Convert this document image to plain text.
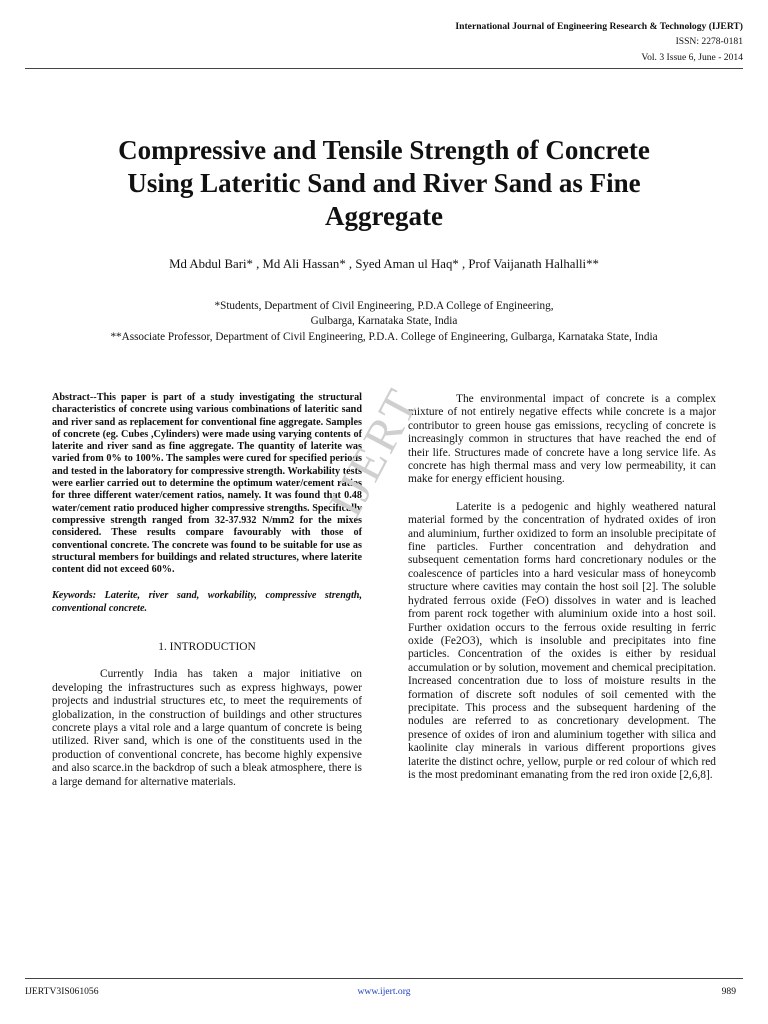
International Journal of Engineering Research & Technology (IJERT)
ISSN: 2278-0181
Vol. 3 Issue 6, June - 2014
Compressive and Tensile Strength of Concrete
Using Lateritic Sand and River Sand as Fine
Aggregate
Md Abdul Bari* , Md Ali Hassan* , Syed Aman ul Haq* , Prof Vaijanath Halhalli**
*Students, Department of Civil Engineering, P.D.A College of Engineering,
Gulbarga, Karnataka State, India
**Associate Professor, Department of Civil Engineering, P.D.A. College of Engineering, Gulbarga, Karnataka State, India

Abstract--This paper is part of a study investigating the structural characteristics of concrete using various combinations of lateritic sand and river sand as replacement for conventional fine aggregate. Samples of concrete (eg. Cubes ,Cylinders) were made using varying contents of laterite and river sand as fine aggregate. The quantity of laterite was varied from 0% to 100%. The samples were cured for specified periods and tested in the laboratory for compressive strength. Workability tests were earlier carried out to determine the optimum water/cement ratios for three different water/cement ratios, namely. It was found that 0.48 water/cement ratio produced higher compressive strengths. Specifically compressive strength ranged from 32-37.932 N/mm2 for the mixes considered. These results compare favourably with those of conventional concrete. The concrete was found to be suitable for use as structural members for buildings and related structures, where laterite content did not exceed 60%.

Keywords: Laterite, river sand, workability, compressive strength, conventional concrete.

1. INTRODUCTION

Currently India has taken a major initiative on developing the infrastructures such as express highways, power projects and industrial structures etc, to meet the requirements of globalization, in the construction of buildings and other structures concrete plays a vital role and a large quantum of concrete is being utilized. River sand, which is one of the constituents used in the production of conventional concrete, has become highly expensive and also scarce.in the backdrop of such a bleak atmosphere, there is a large demand for alternative materials.

The environmental impact of concrete is a complex mixture of not entirely negative effects while concrete is a major contributor to green house gas emissions, recycling of concrete is increasingly common in structures that have reached the end of their life. Structures made of concrete have a long service life. As concrete has high thermal mass and very low permeability, it can make for energy efficient housing.

Laterite is a pedogenic and highly weathered natural material formed by the concentration of hydrated oxides of iron and aluminium, further oxidized to form an insoluble precipitate of fine particles. Further concentration and dehydration and subsequent cementation forms hard concretionary nodules or the coalescence of particles into a hard vesicular mass of honeycomb structure where cavities may contain the host soil [2]. The soluble hydrated ferrous oxide (FeO) dissolves in water and is leached from parent rock together with aluminium oxide into a host soil. Further oxidation occurs to the ferrous oxide resulting in ferric oxide (Fe2O3), which is insoluble and precipitates into fine particles. Concentration of the oxides is either by residual accumulation or by solution, movement and chemical precipitation. Increased concentration due to loss of moisture results in the formation of discrete soft nodules of soil cemented with the precipitate. This process and the subsequent hardening of the nodules are referred to as concretionary development. The presence of oxides of iron and aluminium together with silica and kaolinite clay minerals in various different proportions gives laterite the distinct ochre, yellow, purple or red colour of which red is the most predominant emanating from the red iron oxide [2,6,8].

IJERT
IJERTV3IS061056	www.ijert.org	989
